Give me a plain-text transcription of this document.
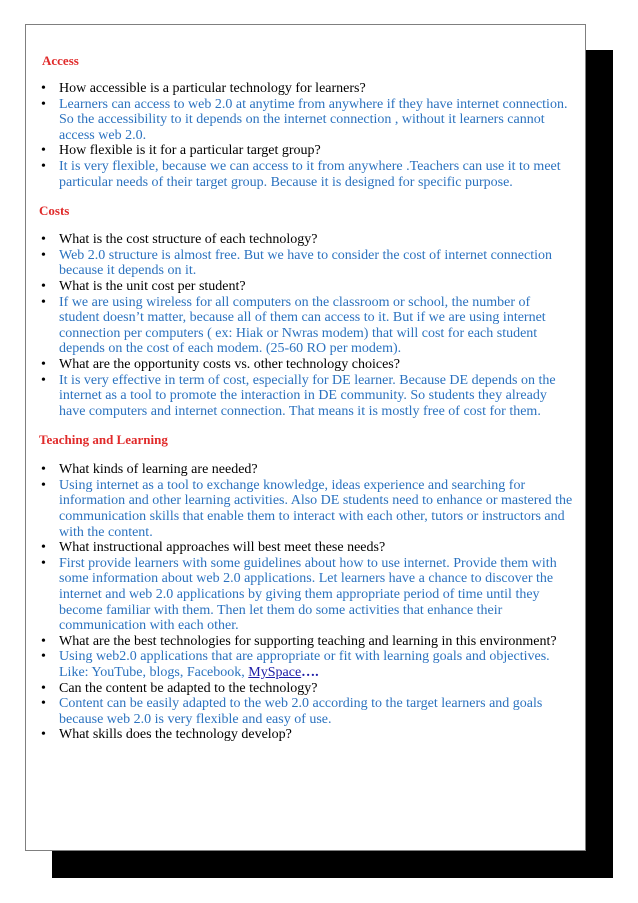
Access
• How accessible is a particular technology for learners?
• Learners can access to web 2.0 at anytime from anywhere if they have internet connection. So the accessibility to it depends on the internet connection , without it learners cannot access web 2.0.
• How flexible is it for a particular target group?
• It is very flexible, because we can access to it from anywhere .Teachers can use it to meet particular needs of their target group. Because it is designed for specific purpose.
Costs
• What is the cost structure of each technology?
• Web 2.0 structure is almost free. But we have to consider the cost of internet connection because it depends on it.
• What is the unit cost per student?
• If we are using wireless for all computers on the classroom or school, the number of student doesn’t matter, because all of them can access to it. But if we are using internet connection per computers ( ex: Hiak or Nwras modem) that will cost for each student depends on the cost of each modem. (25-60 RO per modem).
• What are the opportunity costs vs. other technology choices?
• It is very effective in term of cost, especially for DE learner. Because DE depends on the internet as a tool to promote the interaction in DE community. So students they already have computers and internet connection. That means it is mostly free of cost for them.
Teaching and Learning
• What kinds of learning are needed?
• Using internet as a tool to exchange knowledge, ideas experience and searching for information and other learning activities. Also DE students need to enhance or mastered the communication skills that enable them to interact with each other, tutors or instructors and with the content.
• What instructional approaches will best meet these needs?
• First provide learners with some guidelines about how to use internet. Provide them with some information about web 2.0 applications. Let learners have a chance to discover the internet and web 2.0 applications by giving them appropriate period of time until they become familiar with them. Then let them do some activities that enhance their communication with each other.
• What are the best technologies for supporting teaching and learning in this environment?
• Using web2.0 applications that are appropriate or fit with learning goals and objectives. Like: YouTube, blogs, Facebook, MySpace….
• Can the content be adapted to the technology?
• Content can be easily adapted to the web 2.0 according to the target learners and goals because web 2.0 is very flexible and easy of use.
• What skills does the technology develop?
